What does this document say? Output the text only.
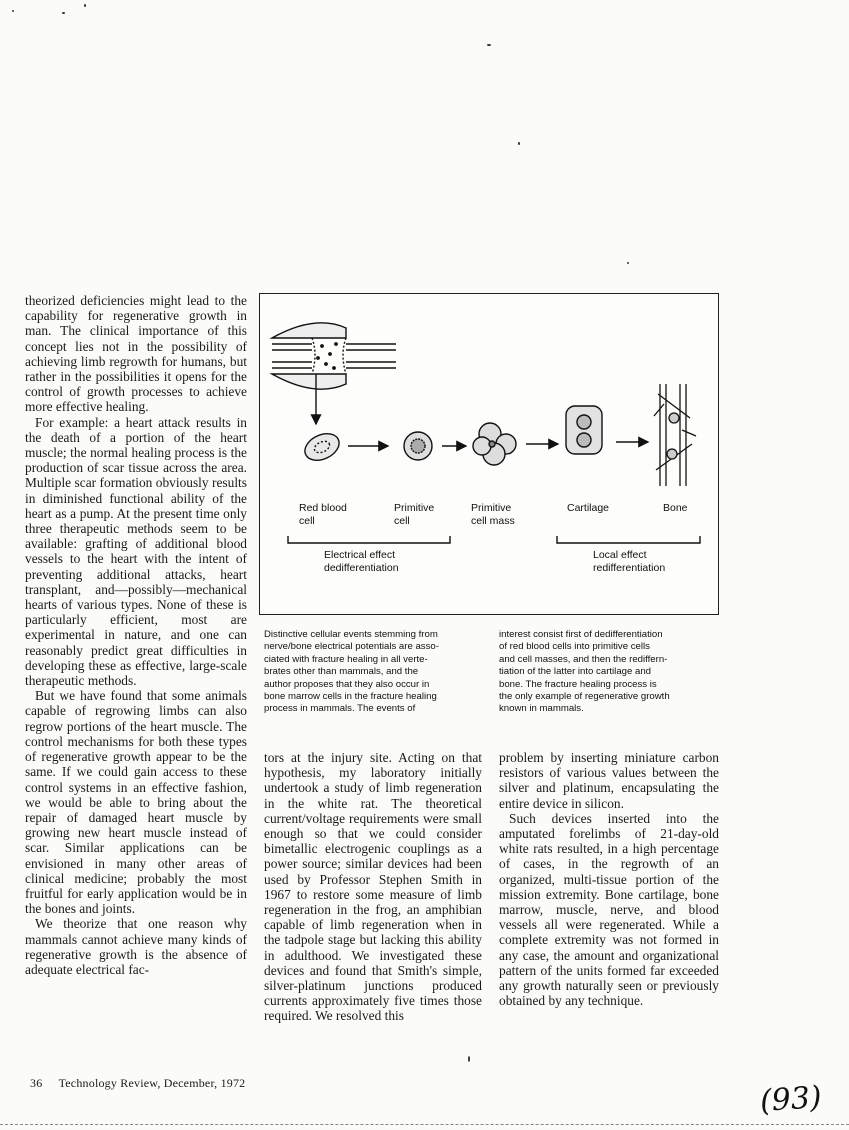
theorized deficiencies might lead to the capability for regenerative growth in man. The clinical importance of this concept lies not in the possibility of achieving limb regrowth for humans, but rather in the possibilities it opens for the control of growth processes to achieve more effective healing.

For example: a heart attack results in the death of a portion of the heart muscle; the normal healing process is the production of scar tissue across the area. Multiple scar formation obviously results in diminished functional ability of the heart as a pump. At the present time only three therapeutic methods seem to be available: grafting of additional blood vessels to the heart with the intent of preventing additional attacks, heart transplant, and—possibly—mechanical hearts of various types. None of these is particularly efficient, most are experimental in nature, and one can reasonably predict great difficulties in developing these as effective, large-scale therapeutic methods.

But we have found that some animals capable of regrowing limbs can also regrow portions of the heart muscle. The control mechanisms for both these types of regenerative growth appear to be the same. If we could gain access to these control systems in an effective fashion, we would be able to bring about the repair of damaged heart muscle by growing new heart muscle instead of scar. Similar applications can be envisioned in many other areas of clinical medicine; probably the most fruitful for early application would be in the bones and joints.

We theorize that one reason why mammals cannot achieve many kinds of regenerative growth is the absence of adequate electrical fac-

Red blood
cell
Primitive
cell
Primitive
cell mass
Cartilage	Bone
Electrical effect
dedifferentiation
Local effect
redifferentiation
Distinctive cellular events stemming from
nerve/bone electrical potentials are asso-
ciated with fracture healing in all verte-
brates other than mammals, and the
author proposes that they also occur in
bone marrow cells in the fracture healing
process in mammals. The events of
interest consist first of dedifferentiation
of red blood cells into primitive cells
and cell masses, and then the rediffern-
tiation of the latter into cartilage and
bone. The fracture healing process is
the only example of regenerative growth
known in mammals.

tors at the injury site. Acting on that hypothesis, my laboratory initially undertook a study of limb regeneration in the white rat. The theoretical current/voltage requirements were small enough so that we could consider bimetallic electrogenic couplings as a power source; similar devices had been used by Professor Stephen Smith in 1967 to restore some measure of limb regeneration in the frog, an amphibian capable of limb regeneration when in the tadpole stage but lacking this ability in adulthood. We investigated these devices and found that Smith's simple, silver-platinum junctions produced currents approximately five times those required. We resolved this

problem by inserting miniature carbon resistors of various values between the silver and platinum, encapsulating the entire device in silicon.

Such devices inserted into the amputated forelimbs of 21-day-old white rats resulted, in a high percentage of cases, in the regrowth of an organized, multi-tissue portion of the mission extremity. Bone cartilage, bone marrow, muscle, nerve, and blood vessels all were regenerated. While a complete extremity was not formed in any case, the amount and organizational pattern of the units formed far exceeded any growth naturally seen or previously obtained by any technique.

36 Technology Review, December, 1972	(93)
